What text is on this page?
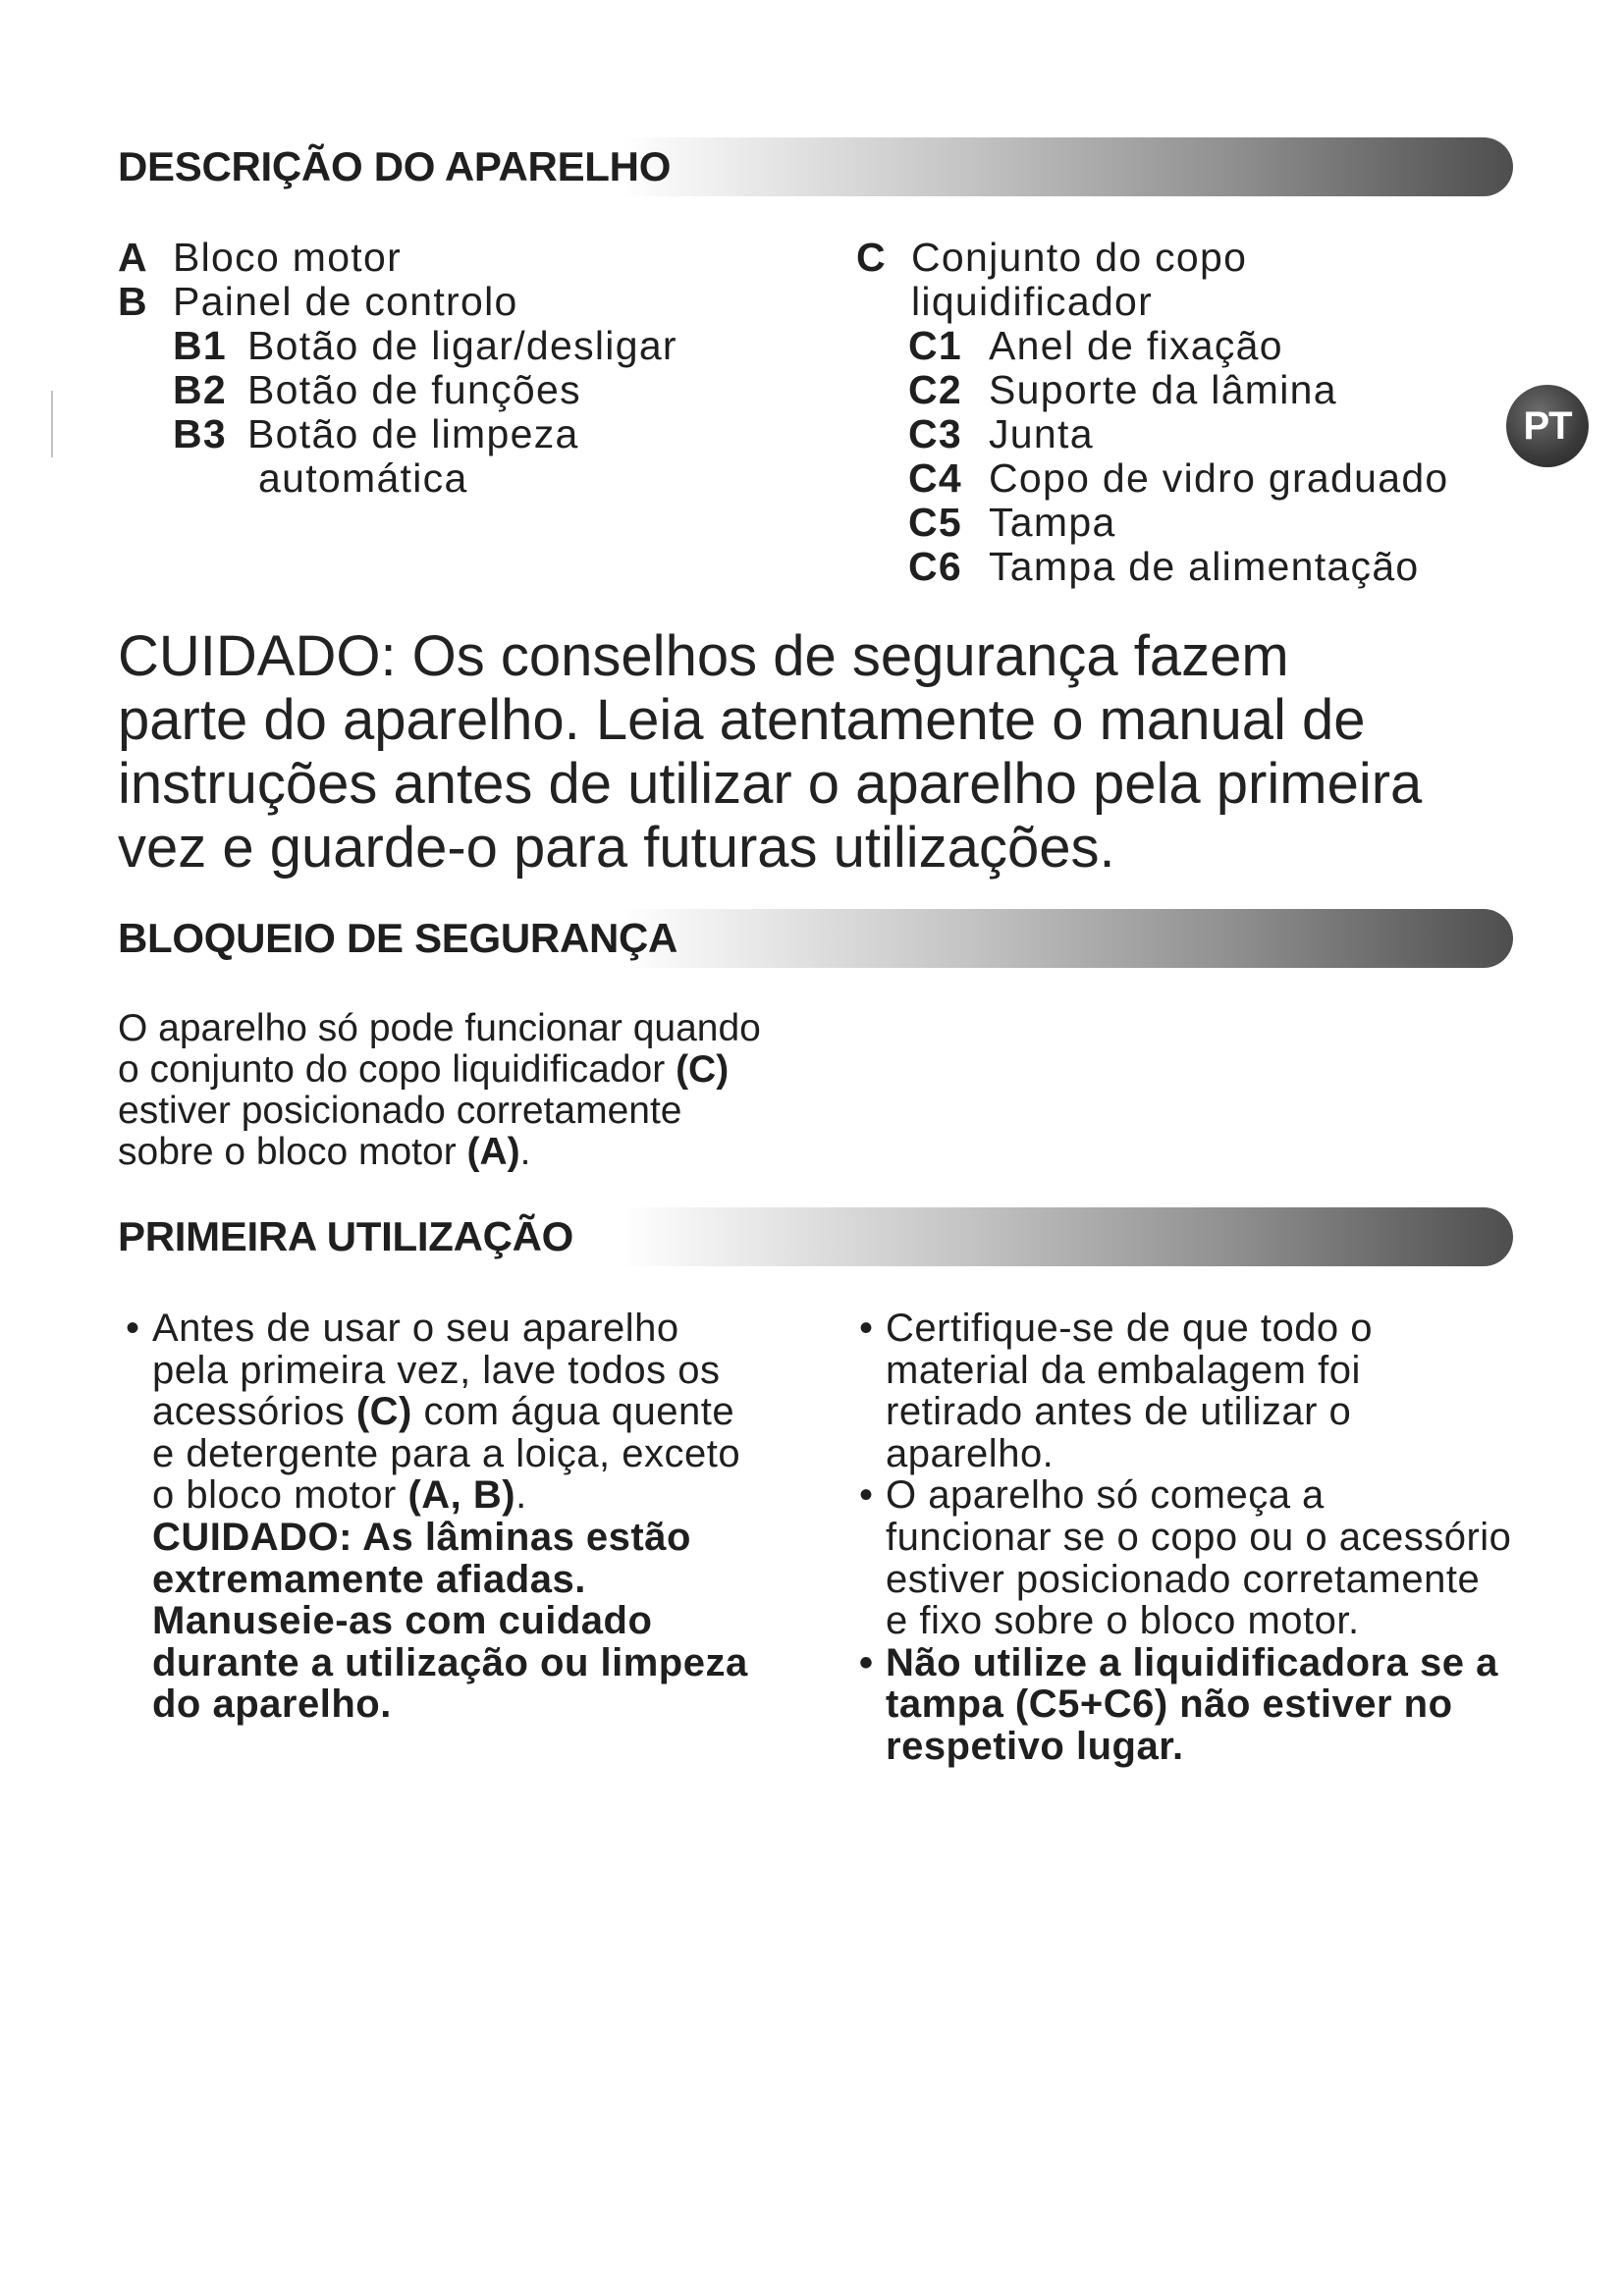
DESCRIÇÃO DO APARELHO
A Bloco motor
B Painel de controlo
B1 Botão de ligar/desligar
B2 Botão de funções
B3 Botão de limpeza
automática
C Conjunto do copo
liquidificador
C1 Anel de fixação
C2 Suporte da lâmina
C3 Junta
C4 Copo de vidro graduado
C5 Tampa
C6 Tampa de alimentação
PT
CUIDADO: Os conselhos de segurança fazem
parte do aparelho. Leia atentamente o manual de
instruções antes de utilizar o aparelho pela primeira
vez e guarde-o para futuras utilizações.
BLOQUEIO DE SEGURANÇA
O aparelho só pode funcionar quando
o conjunto do copo liquidificador (C)
estiver posicionado corretamente
sobre o bloco motor (A).
PRIMEIRA UTILIZAÇÃO
•
Antes de usar o seu aparelho
pela primeira vez, lave todos os
acessórios (C) com água quente
e detergente para a loiça, exceto
o bloco motor (A, B).
CUIDADO: As lâminas estão
extremamente afiadas.
Manuseie-as com cuidado
durante a utilização ou limpeza
do aparelho.
•
Certifique-se de que todo o
material da embalagem foi
retirado antes de utilizar o
aparelho.
•
O aparelho só começa a
funcionar se o copo ou o acessório
estiver posicionado corretamente
e fixo sobre o bloco motor.
•
Não utilize a liquidificadora se a
tampa (C5+C6) não estiver no
respetivo lugar.
